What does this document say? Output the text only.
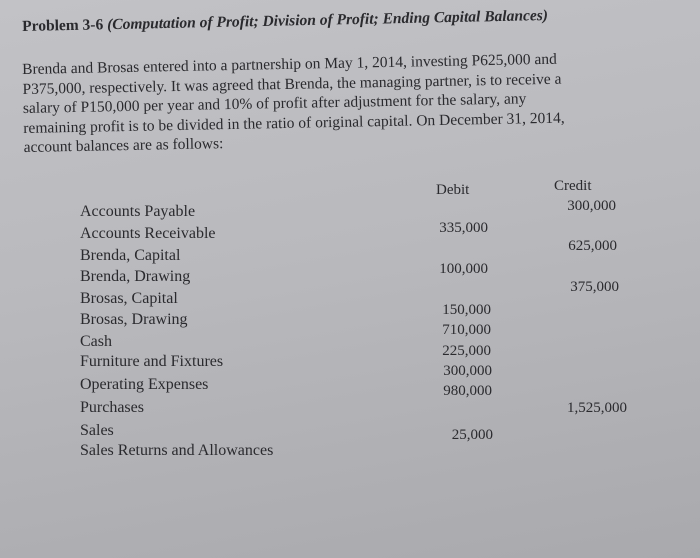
Problem 3-6 (Computation of Profit; Division of Profit; Ending Capital Balances)
Brenda and Brosas entered into a partnership on May 1, 2014, investing P625,000 and
P375,000, respectively. It was agreed that Brenda, the managing partner, is to receive a
salary of P150,000 per year and 10% of profit after adjustment for the salary, any
remaining profit is to be divided in the ratio of original capital. On December 31, 2014,
account balances are as follows:
Debit	Credit
Accounts Payable
Accounts Receivable
Brenda, Capital
Brenda, Drawing
Brosas, Capital
Brosas, Drawing
Cash
Furniture and Fixtures
Operating Expenses
Purchases
Sales
Sales Returns and Allowances
335,000
100,000
150,000
710,000
225,000
300,000
980,000
25,000
300,000
625,000
375,000
1,525,000
